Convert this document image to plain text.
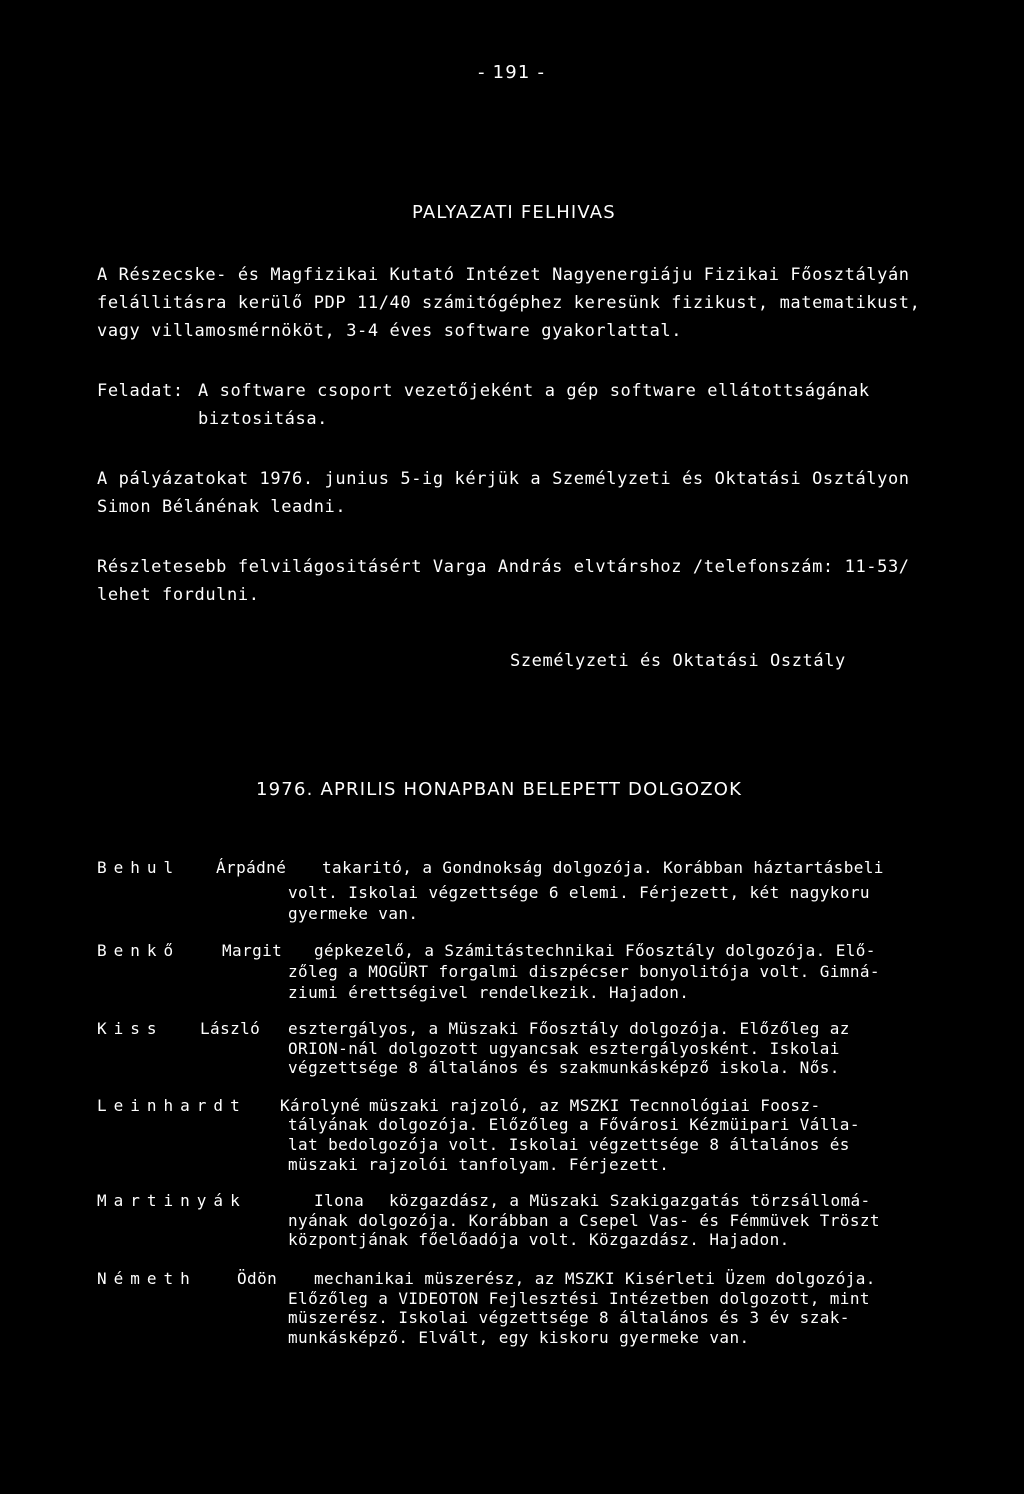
- 191 -
PALYAZATI FELHIVAS
A Részecske- és Magfizikai Kutató Intézet Nagyenergiáju Fizikai Főosztályán
felállitásra kerülő PDP 11/40 számitógéphez keresünk fizikust, matematikust,
vagy villamosmérnököt, 3-4 éves software gyakorlattal.
Feladat: A software csoport vezetőjeként a gép software ellátottságának
biztositása.
A pályázatokat 1976. junius 5-ig kérjük a Személyzeti és Oktatási Osztályon
Simon Bélánénak leadni.
Részletesebb felvilágositásért Varga András elvtárshoz /telefonszám: 11-53/
lehet fordulni.
Személyzeti és Oktatási Osztály
1976. APRILIS HONAPBAN BELEPETT DOLGOZOK
Behul Árpádné takaritó, a Gondnokság dolgozója. Korábban háztartásbeli
volt. Iskolai végzettsége 6 elemi. Férjezett, két nagykoru
gyermeke van.
Benkő	Margit gépkezelő, a Számitástechnikai Főosztály dolgozója. Elő-
zőleg a MOGÜRT forgalmi diszpécser bonyolitója volt. Gimná-
ziumi érettségivel rendelkezik. Hajadon.
Kiss László esztergályos, a Müszaki Főosztály dolgozója. Előzőleg az
ORION-nál dolgozott ugyancsak esztergályosként. Iskolai
végzettsége 8 általános és szakmunkásképző iskola. Nős.
Leinhardt Károlyné müszaki rajzoló, az MSZKI Tecnnológiai Foosz-
tályának dolgozója. Előzőleg a Fővárosi Kézmüipari Válla-
lat bedolgozója volt. Iskolai végzettsége 8 általános és
müszaki rajzolói tanfolyam. Férjezett.
Martinyák	Ilona közgazdász, a Müszaki Szakigazgatás törzsállomá-
nyának dolgozója. Korábban a Csepel Vas- és Fémmüvek Tröszt
központjának főelőadója volt. Közgazdász. Hajadon.
Németh	Ödön mechanikai müszerész, az MSZKI Kisérleti Üzem dolgozója.
Előzőleg a VIDEOTON Fejlesztési Intézetben dolgozott, mint
müszerész. Iskolai végzettsége 8 általános és 3 év szak-
munkásképző. Elvált, egy kiskoru gyermeke van.
